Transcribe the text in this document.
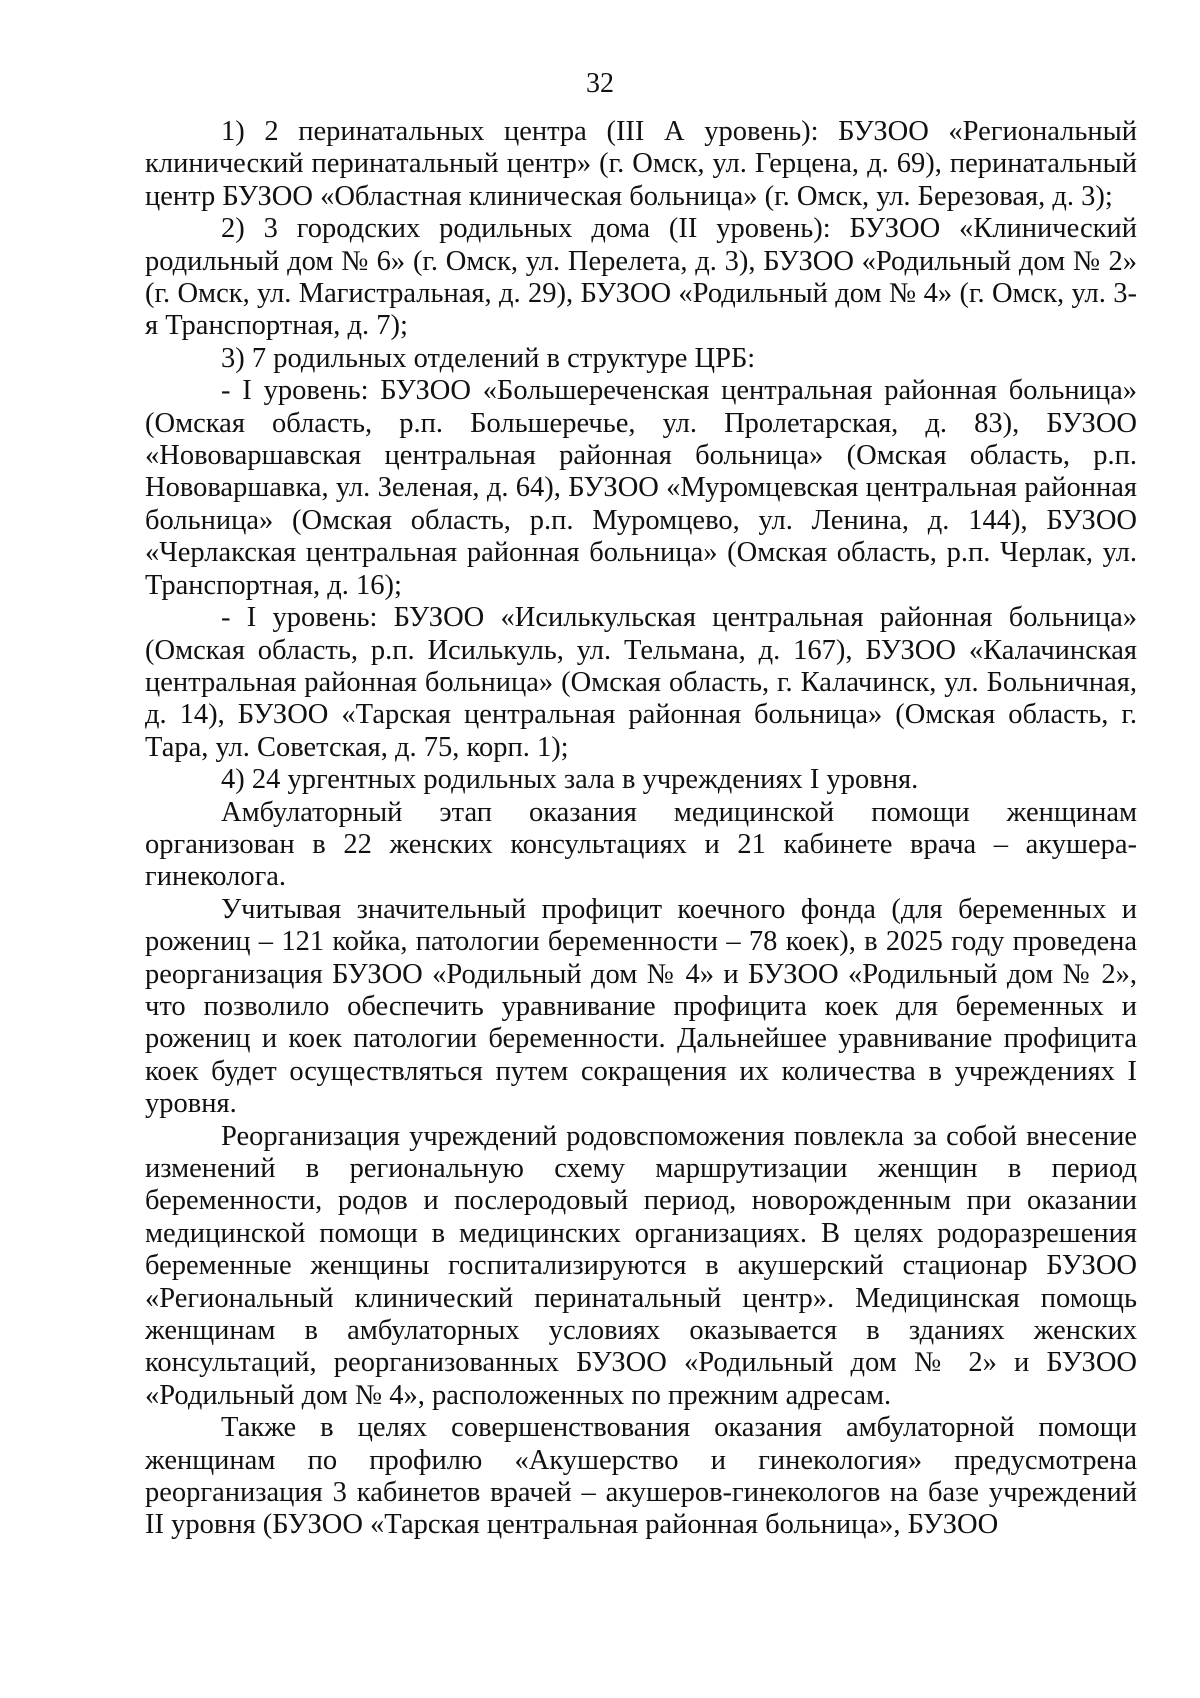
32

1) 2 перинатальных центра (III А уровень): БУЗОО «Региональный клинический перинатальный центр» (г. Омск, ул. Герцена, д. 69), перинатальный центр БУЗОО «Областная клиническая больница» (г. Омск, ул. Березовая, д. 3);

2) 3 городских родильных дома (II уровень): БУЗОО «Клинический родильный дом № 6» (г. Омск, ул. Перелета, д. 3), БУЗОО «Родильный дом № 2» (г. Омск, ул. Магистральная, д. 29), БУЗОО «Родильный дом № 4» (г. Омск, ул. 3-я Транспортная, д. 7);

3) 7 родильных отделений в структуре ЦРБ:

- I уровень: БУЗОО «Большереченская центральная районная больница» (Омская область, р.п. Большеречье, ул. Пролетарская, д. 83), БУЗОО «Нововаршавская центральная районная больница» (Омская область, р.п. Нововаршавка, ул. Зеленая, д. 64), БУЗОО «Муромцевская центральная районная больница» (Омская область, р.п. Муромцево, ул. Ленина, д. 144), БУЗОО «Черлакская центральная районная больница» (Омская область, р.п. Черлак, ул. Транспортная, д. 16);

- I уровень: БУЗОО «Исилькульская центральная районная больница» (Омская область, р.п. Исилькуль, ул. Тельмана, д. 167), БУЗОО «Калачинская центральная районная больница» (Омская область, г. Калачинск, ул. Больничная, д. 14), БУЗОО «Тарская центральная районная больница» (Омская область, г. Тара, ул. Советская, д. 75, корп. 1);

4) 24 ургентных родильных зала в учреждениях I уровня.

Амбулаторный этап оказания медицинской помощи женщинам организован в 22 женских консультациях и 21 кабинете врача – акушера-гинеколога.

Учитывая значительный профицит коечного фонда (для беременных и рожениц – 121 койка, патологии беременности – 78 коек), в 2025 году проведена реорганизация БУЗОО «Родильный дом № 4» и БУЗОО «Родильный дом № 2», что позволило обеспечить уравнивание профицита коек для беременных и рожениц и коек патологии беременности. Дальнейшее уравнивание профицита коек будет осуществляться путем сокращения их количества в учреждениях I уровня.

Реорганизация учреждений родовспоможения повлекла за собой внесение изменений в региональную схему маршрутизации женщин в период беременности, родов и послеродовый период, новорожденным при оказании медицинской помощи в медицинских организациях. В целях родоразрешения беременные женщины госпитализируются в акушерский стационар БУЗОО «Региональный клинический перинатальный центр». Медицинская помощь женщинам в амбулаторных условиях оказывается в зданиях женских консультаций, реорганизованных БУЗОО «Родильный дом № 2» и БУЗОО «Родильный дом № 4», расположенных по прежним адресам.

Также в целях совершенствования оказания амбулаторной помощи женщинам по профилю «Акушерство и гинекология» предусмотрена реорганизация 3 кабинетов врачей – акушеров-гинекологов на базе учреждений II уровня (БУЗОО «Тарская центральная районная больница», БУЗОО
